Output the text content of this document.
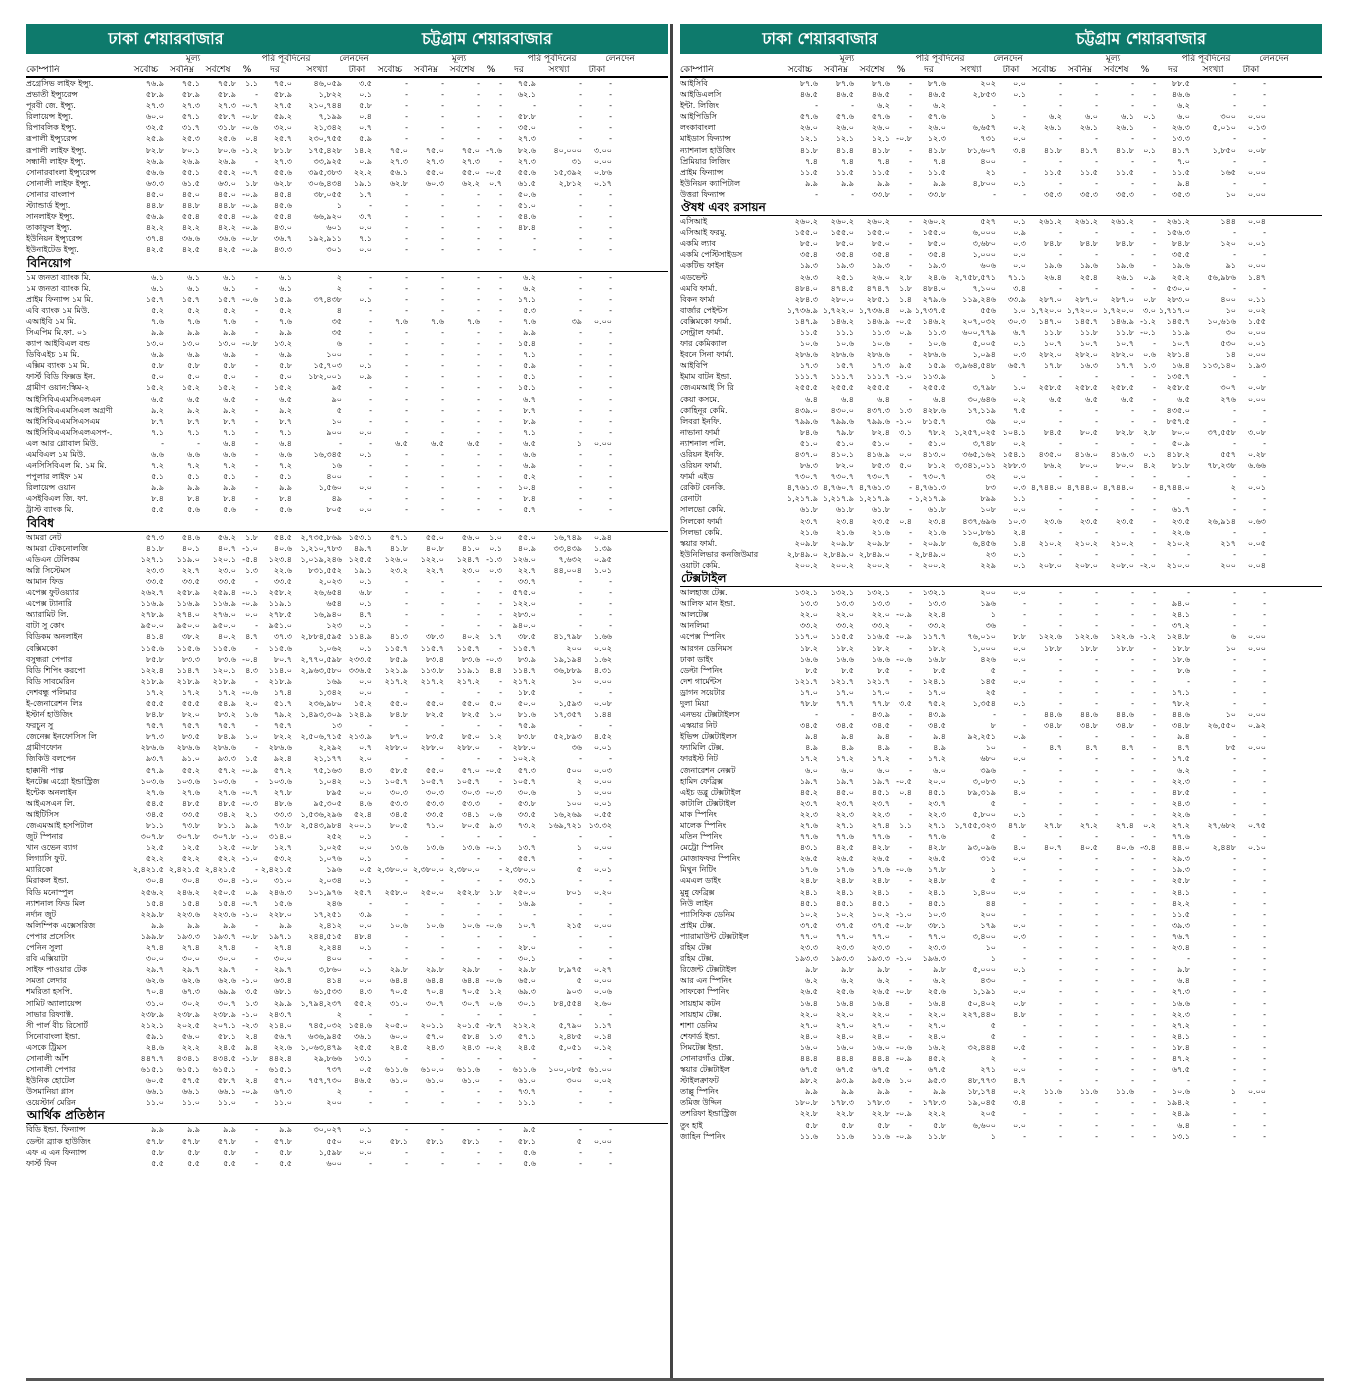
ঢাকা শেয়ারবাজার	চট্টগ্রাম শেয়ারবাজার
মূল্য	পরি পূর্বদিনের	লেনদেন	মূল্য	পরি পূর্বদিনের	লেনদেন
কোম্পানি	সর্বোচ্চ	সর্বনিম্ন	সর্বশেষ	%	দর	সংখ্যা	টাকা	সর্বোচ্চ	সর্বনিম্ন	সর্বশেষ	%	দর	সংখ্যা	টাকা
প্রগ্রেসিভ লাইফ ইন্স্যু.	৭৬.৯	৭৫.১	৭৫.৮	১.১	৭৫.০	৪৬,০৫৯	৩.৫	-	-	-	-	৭৫.৯	-	-
প্রভাতী ইন্স্যুরেন্স	৫৮.৯	৫৮.৯	৫৮.৯	-	৫৮.৯	১,৮২২	০.১	-	-	-	-	৬২.১	-	-
পূরবী জে. ইন্স্যু.	২৭.৩	২৭.৩	২৭.৩ -০.৭	২৭.৫	২১০,৭৪৪	৫.৮	-	-	-	-	-	-	-
রিলায়েন্স ইন্স্যু.	৬০.০	৫৭.১	৫৮.৭ -০.৮	৫৯.২	৭,১৯৯	০.৪	-	-	-	-	৫৮.৮	-	-
রিপাবলিক ইন্স্যু.	৩২.৫	৩১.৭	৩১.৮ -০.৬	৩২.০	২১,৩৪২	০.৭	-	-	-	-	৩৫.০	-	-
রূপালী ইন্স্যুরেন্স	২৫.৯	২৫.৩	২৫.৬	০.৪	২৫.৭	২৩০,৭৫৫	৫.৯	-	-	-	-	২৭.৩	-	-
রূপালী লাইফ ইন্স্যু.	৮২.৮	৮০.১	৮০.৬ -১.২	৮১.৮	১৭৫,৪২৮	১৪.২	৭৫.০	৭৫.০	৭৫.০ -৭.৬	৮২.৬	৪০,০০০	৩.০০
সন্ধানী লাইফ ইন্স্যু.	২৬.৯	২৬.৯	২৬.৯	-	২৭.৩	৩৩,৯২৫	০.৯	২৭.৩	২৭.৩	২৭.৩	-	২৭.৩	৩১	০.০০
সোনারবাংলা ইন্স্যুরেন্স	৫৬.৬	৫৫.১	৫৫.২ -০.৭	৫৫.৬	৩৯৫,৩৮৩	২২.২	৫৬.১	৫৫.০	৫৫.০ -০.৫	৫৫.৬	১৫,৩৯২	০.৮৬
সোনালী লাইফ ইন্স্যু.	৬৩.৩	৬১.৫	৬৩.০	১.৮	৬২.৮	৩০৬,৪৩৪	১৯.১	৬২.৮	৬০.৩	৬২.২	০.৭	৬১.৫	২,৮১২	০.১৭
সোনার বাংলাপ	৪৫.০	৪৫.০	৪৫.০ -০.৯	৪৫.৪	৩৮,০৫৫	১.৭	-	-	-	-	৫০.৬	-	-
স্ট্যান্ডার্ড ইন্স্যু.	৪৪.৮	৪৪.৮	৪৪.৮ -০.৯	৪৫.৬	১	-	-	-	-	-	৫১.০	-	-
সানলাইফ ইন্স্যু.	৫৬.৯	৫৫.৪	৫৫.৪ -০.৯	৫৫.৪	৬৬,৯২০	৩.৭	-	-	-	-	৫৪.৬	-	-
তাকাফুল ইন্স্যু.	৪২.২	৪২.২	৪২.২ -০.৯	৪৩.০	৬০১	০.০	-	-	-	-	৪৮.৪	-	-
ইউনিয়ন ইন্স্যুরেন্স	৩৭.৪	৩৬.৬	৩৬.৬ -০.৮	৩৬.৭	১৯২,৯১১	৭.১	-	-	-	-	-	-	-
ইউনাইটেড ইন্স্যু.	৪২.৫	৪২.৫	৪২.৫ -০.৯	৪৩.৩	৩০১	০.০	-	-	-	-	-	-	-
বিনিয়োগ
১ম জনতা ব্যাংক মি.	৬.১	৬.১	৬.১	-	৬.১	২	-	-	-	-	-	৬.২	-	-
১ম জনতা ব্যাংক মি.	৬.১	৬.১	৬.১	-	৬.১	২	-	-	-	-	-	৬.২	-	-
প্রাইম ফিন্যান্স ১ম মি.	১৫.৭	১৫.৭	১৫.৭ -০.৬	১৫.৯	৩৭,৪৩৮	০.১	-	-	-	-	১৭.১	-	-
এবি ব্যাংক ১ম মিউ.	৫.২	৫.২	৫.২	-	৫.২	৪	-	-	-	-	-	৫.৩	-	-
এআইবি ১ম মি.	৭.৬	৭.৬	৭.৬	-	৭.৬	৩৫	-	৭.৬	৭.৬	৭.৬	-	৭.৬	৩৯	০.০০
সিএপিম মি.ফা. ০১	৯.৯	৯.৯	৯.৯	-	৯.৯	৩৫	-	-	-	-	-	৯.৯	-	-
ক্যাপ আইবিএল বন্ড	১৩.০	১৩.০	১৩.০ -০.৮	১৩.২	৬	-	-	-	-	-	১৫.৪	-	-
ডিবিএইচ ১ম মি.	৬.৯	৬.৯	৬.৯	-	৬.৯	১০০	-	-	-	-	-	৭.১	-	-
এক্সিম ব্যাংক ১ম মি.	৫.৮	৫.৮	৫.৮	-	৫.৮	১৫,৭০৩	০.১	-	-	-	-	৫.৯	-	-
ফার্স্ট বিডি ফিক্সড ইন.	৫.০	৫.০	৫.০	-	৫.০	১৮২,০০১	০.৯	-	-	-	-	৫.১	-	-
গ্রামীণ ওয়ান:স্কিম-২	১৫.২	১৫.২	১৫.২	-	১৫.২	৯৫	-	-	-	-	-	১৫.১	-	-
আইসিবিএএমসিএলএন	৬.৫	৬.৫	৬.৫	-	৬.৫	৯০	-	-	-	-	-	৬.৭	-	-
আইসিবিএএমসিএল অগ্রণী	৯.২	৯.২	৯.২	-	৯.২	৫	-	-	-	-	-	৮.৭	-	-
আইসিবিএএমসিএসএম	৮.৭	৮.৭	৮.৭	-	৮.৭	১০	-	-	-	-	-	৮.৯	-	-
আইসিবিএএমসিএলএসপ-.	৭.১	৭.১	৭.১	-	৭.১	৯০০	০.০	-	-	-	-	৭.১	-	-
এল আর গ্লোবাল মিউ.	-	-	৬.৪	-	৬.৪	-	-	৬.৫	৬.৫	৬.৫	-	৬.৫	১	০.০০
এমবিএল ১ম মিউ.	৬.৬	৬.৬	৬.৬	-	৬.৬	১৬,৩৪৫	০.১	-	-	-	-	৬.৬	-	-
এনসিসিবিএল মি. ১ম মি.	৭.২	৭.২	৭.২	-	৭.২	১৬	-	-	-	-	-	৬.৯	-	-
পপুলার লাইফ ১ম	৫.১	৫.১	৫.১	-	৫.১	৪০০	-	-	-	-	-	৫.২	-	-
রিলায়েন্স ওয়ান	৯.৯	৯.৯	৯.৯	-	৯.৯	১,৫৬০	০.০	-	-	-	-	১০.৪	-	-
এসইবিএল জি. ফা.	৮.৪	৮.৪	৮.৪	-	৮.৪	৪৯	-	-	-	-	-	৮.৪	-	-
ট্রাস্ট ব্যাংক মি.	৫.৫	৫.৬	৫.৬	-	৫.৬	৮০৫	০.০	-	-	-	-	৫.৭	-	-
বিবিধ
আমরা নেট	৫৭.৩	৫৪.৬	৫৬.২	১.৮	৫৪.৫	২,৭৩৫,৮৬৯ ১৫৩.১	৫৭.১	৫৫.০	৫৬.০	১.০	৫৫.০	১৬,৭৪৯	০.৯৪
আমরা টেকনোলজি	৪১.৮	৪০.১	৪০.৭ -১.০	৪০.৬	১,২১০,৭৮৩	৪৯.৭	৪১.৮	৪০.৮	৪১.০	০.১	৪০.৯	৩৩,৪৩৯	১.৩৯
এডিএন টেলিকম	১২৭.১	১১৯.০	১২০.১ -৫.৪	১২৩.৪	১,০১৯,২৪৬ ১২৫.৫	১২৬.০	১২২.০	১২৪.৭ -১.৩	১২৬.০	৭,৬৩২	০.৯৫
অগ্নি সিস্টেমস	২৩.৩	২২.৭	২৩.০	১.৩	২২.৬	৮৩১,৫৫২	১৯.১	২৩.২	২২.৭	২৩.০	০.৩	২২.৭	৪৪,০০৪	১.০১
আমান ফিড	৩৩.৫	৩৩.৫	৩৩.৫	-	৩৩.৫	২,০২৩	০.১	-	-	-	-	৩৩.৭	-	-
এপেক্স ফুটওয়্যার	২৬২.৭	২৫৮.৯	২৫৯.৪ -০.১	২৫৮.২	২৬,৬৫৪	৬.৮	-	-	-	-	৫৭৫.০	-	-
এপেক্স ট্যানারি	১১৬.৯	১১৬.৯	১১৬.৯ -০.৯	১১৯.১	৬৫৪	০.১	-	-	-	-	১২২.০	-	-
অ্যারামিট লি.	২৭৮.৯	২৭৪.০	২৭৬.০	০.০	২৭৮.৫	১৬,৯৪০	৪.৭	-	-	-	-	২৮৩.০	-	-
বাটা সু কোং	৯৫০.০	৯৫০.০	৯৫০.০	-	৯৫১.০	১২৩	০.১	-	-	-	-	৯৪০.০	-	-
বিডিকম অনলাইন	৪১.৪	৩৮.২	৪০.২	৪.৭	৩৭.৩	২,৮৮৪,৫৯৫ ১১৪.৯	৪১.৩	৩৮.৩	৪০.২	১.৭	৩৮.৫	৪১,৭৯৮	১.৬৬
বেক্সিমকো	১১৫.৬	১১৫.৬	১১৫.৬	-	১১৫.৬	১,০৬২	০.১	১১৫.৭	১১৫.৭	১১৫.৭	-	১১৫.৭	২০০	০.০২
বসুন্ধরা পেপার	৮৫.৮	৮৩.৩	৮৩.৬ -০.৪	৮০.৭	২,৭৭০,৫৯৮ ২৩৩.৫	৮৫.৯	৮৩.৪	৮৩.৬ -০.৩	৮৩.৯	১৯,১৯৪	১.৬২
বিডি শিপিং করপো	১২২.৪	১১৪.৭	১২০.১	৪.৩	১১৪.০	২,৯৬৩,৫৮০ ৩৩৬.৫	১২১.৯	১১৩.৮	১১৯.১	৪.৪	১১৪.৭	৩৬,৮৮৯	৪.৩১
বিডি সাবমেরিন	২১৮.৯	২১৮.৯	২১৮.৯	-	২১৮.৯	১৬৯	০.০	২১৭.২	২১৭.২	২১৭.২	-	২১৭.২	১০	০.০০
দেশবন্ধু পলিমার	১৭.২	১৭.২	১৭.২ -০.৬	১৭.৪	১,৩৪২	০.০	-	-	-	-	১৮.৫	-	-
ই-জেনারেশন লিঃ	৫৫.৫	৫৫.৫	৫৪.৯	২.০	৫১.৭	২৩৬,৯৮০	১৫.২	৫৫.০	৫৫.০	৫৫.০	৫.০	৫০.০	১,৫৯৩	০.০৮
ইস্টার্ন হাউজিং	৮৪.৮	৮২.০	৮৩.২	১.৬	৭৯.২	১,৪৯৩,৩০৯ ১২৪.৯	৮৪.৮	৮২.৫	৮২.৫	১.০	৮১.৬	১৭,৩৫৭	১.৪৪
ফরচুন সু	৭৫.৭	৭৫.৭	৭৫.৭	-	৭৫.৭	১৩	-	-	-	-	-	৭৫.৯	-	-
জেনেক্স ইনফোসিস লি	৮৭.৩	৮৩.৫	৮৪.৯	১.০	৮২.২	২,৫০৬,৭১৫ ২১৩.৯	৮৭.০	৮৩.৫	৮৫.০	১.২	৮৩.৮	৫২,৮৯৩	৪.৫২
গ্রামীণফোন	২৮৬.৬	২৮৬.৬	২৮৬.৬	-	২৮৬.৬	২,২৯২	০.৭	২৮৮.০	২৮৮.০	২৮৮.০	-	২৮৮.০	৩৬	০.০১
জিকিউ বলপেন	৯৩.৭	৯১.০	৯৩.৩	১.৫	৯২.৪	২১,১৭৭	২.০	-	-	-	-	১০২.২	-	-
হাক্কানী পাল্প	৫৭.৯	৫৫.২	৫৭.২ -০.৯	৫৭.২	৭৫,১৬৩	৪.৩	৫৮.৫	৫৫.০	৫৭.০ -০.৫	৫৭.৩	৫০০	০.০৩
ইনটেক্স এগ্রো ইন্ডাস্ট্রিজ	১০৩.৬	১০৩.৬	১০৩.৬	-	১০৩.৬	১,০৪২	০.১	১০৫.৭	১০৫.৭	১০৫.৭	-	১০৫.৭	২	০.০০
ইন্টেক অনলাইন	২৭.৬	২৭.৬	২৭.৬ -০.৭	২৭.৮	৮৯৫	০.০	৩০.৩	৩০.৩	৩০.৩ -০.৩	৩০.৬	১	০.০০
আইএসএন লি.	৫৪.৫	৪৮.৫	৪৮.৫ -০.৩	৪৮.৬	৯৫,৩০৫	৪.৬	৫৩.৩	৫৩.৩	৫৩.৩	-	৫৩.৮	১০০	০.০১
আইটিসিস	৩৪.৫	৩৩.৫	৩৪.২	২.১	৩৩.৩	১,৫৩৬,২৯৬	৫২.৪	৩৪.৫	৩৩.৫	৩৪.১	০.৬	৩৩.৫	১৬,২৬৯	০.৫৫
জেএমআই হসপিটাল	৮১.১	৭৩.৮	৮১.১	৯.৯	৭৩.৮	২,৫৪৩,৯৮৪ ২০০.১	৮০.৫	৭১.০	৮০.৫	৯.৩	৭৩.২	১৬৯,৭২১ ১৩.৩২
জুট স্পিনার	৩০৭.৮	৩০৭.৮	৩০৭.৮ -১.০	৩১৪.০	২৫২	০.১	-	-	-	-	-	-	-
খান ওভেন ব্যাগ	১২.৫	১২.৫	১২.৫ -০.৮	১২.৭	১,০২৫	০.০	১৩.৬	১৩.৬	১৩.৬ -০.১	১৩.৭	১	০.০০
লিগ্যাসি ফুট.	৫২.২	৫২.২	৫২.২ -১.০	৫৩.২	১,০৭৬	০.১	-	-	-	-	৫৫.৭	-	-
ম্যারিকো	২,৪২১.৫ ২,৪২১.৫ ২,৪২১.৫	- ২,৪২১.৫	১৯৬	০.৫ ২,৩৮০.০ ২,৩৮০.০ ২,৩৮০.০	- ২,৩৮০.০	৫	০.০১
মিরাকল ইন্ডা.	৩০.৪	৩০.৪	৩০.৪ -১.০	৩১.০	২,০৩৪	০.১	-	-	-	-	৩৩.১	-	-
বিডি মনোস্পুল	২৫৬.২	২৪৬.২	২৫০.৫	০.৯	২৪৬.৩	১০১,৯৭৬	২৫.৭	২৫৮.০	২৫০.০	২৫২.৮	১.৮	২৫০.০	৮০১	০.২০
ন্যাশনাল ফিড মিল	১৫.৪	১৫.৪	১৫.৪ -০.৭	১৫.৬	২৪৬	-	-	-	-	-	১৬.৯	-	-
নর্দান জুট	২২৯.৮	২২৩.৬	২২৩.৬ -১.০	২২৮.০	১৭,২৫১	৩.৯	-	-	-	-	-	-	-
অলিম্পিক এক্সেসরিজ	৯.৯	৯.৯	৯.৯	-	৯.৯	২,৪১২	০.০	১০.৬	১০.৬	১০.৬ -০.৬	১০.৭	২১৫	০.০০
পেপার প্রসেসিং	১৯৯.৮	১৯৩.৩	১৯৩.৭ -০.৮	১৯৭.১	২৪৪,৫১৫	৪৮.৪	-	-	-	-	-	-	-
পেনিন সুলা	২৭.৪	২৭.৪	২৭.৪	-	২৭.৪	২,২৪৪	০.১	-	-	-	-	২৮.০	-	-
রবি এক্সিয়াটা	৩০.০	৩০.০	৩০.০	-	৩০.০	৪০০	-	-	-	-	-	৩০.১	-	-
সাইফ পাওয়ার টেক	২৯.৭	২৯.৭	২৯.৭	-	২৯.৭	৩,৮৬০	০.১	২৯.৮	২৯.৮	২৯.৮	-	২৯.৮	৮,৯৭৫	০.২৭
সমতা লেদার	৬২.৬	৬২.৬	৬২.৬ -১.০	৬৩.৪	৪১৪	০.০	৬৪.৪	৬৪.৪	৬৪.৪ -০.৬	৬৫.০	৫	০.০০
শমরিতা হসপি.	৭০.৪	৬৭.৩	৬৯.৯	৩.৫	৬৮.১	৬১,৫৩৩	৪.৩	৭০.৫	৭০.৪	৭০.৫	১.২	৬৯.৩	৯০৩	০.০৬
সামিট অ্যালায়েন্স	৩১.০	৩০.২	৩০.৭	১.৩	২৯.৯	১,৭৯৪,২৩৭	৫৫.২	৩১.০	৩০.৭	৩০.৭	০.৬	৩০.১	৮৪,৫৫৪	২.৬০
সাভার রিফ্যাক্ট.	২৩৮.৯	২৩৮.৯	২৩৮.৯ -১.০	২৪৩.৭	২	-	-	-	-	-	-	-	-
সী পার্ল বীচ রিসোর্ট	২১২.১	২০২.৫	২০৭.১ -২.৩	২১৪.০	৭৪৫,০৩২ ১৫৪.৬	২০৫.০	২০১.১	২০১.৫ -৮.৭	২১২.২	৫,৭৯০	১.১৭
সিনোবাংলা ইন্ডা.	৫৯.১	৫৬.০	৫৮.১	২.৪	৫৬.৭	৬৩৬,৯৪৫	৩৬.১	৬০.০	৫৭.০	৫৮.৪	১.৩	৫৭.১	২,৪৮৫	০.১৪
এসকে ট্রিমস	২৪.৬	২২.২	২৪.৫	৯.৪	২২.৬	১,০৬৩,৪৭৯	২৫.৫	২৪.৫	২৪.৩	২৪.৩ -০.২	২৪.৫	৫,০৫১	০.১২
সোনালী আঁশ	৪৪৭.৭	৪৩৪.১	৪৩৪.৫ -১.৮	৪৪২.৪	২৯,৮৬৬	১৩.১	-	-	-	-	-	-	-
সোনালী পেপার	৬১৫.১	৬১৫.১	৬১৫.১	-	৬১৫.১	৭৩৭	০.৫	৬১১.৬	৬১০.০	৬১১.৬	-	৬১১.৬	১০০,০৮৫ ৬১.০০
ইউনিক হোটেল	৬০.৫	৫৭.৫	৫৮.৭	২.৪	৫৭.০	৭৫৭,৭৩০	৪৬.৫	৬১.০	৬১.০	৬১.০	-	৬১.০	৩০০	০.০২
উসমানিয়া গ্লাস	৬৬.১	৬৬.১	৬৬.১ -০.৯	৬৭.৩	২	-	-	-	-	-	৭৩.৭	-	-
ওয়েস্টার্ন মেরিন	১১.০	১১.০	১১.০	-	১১.০	২০০	-	-	-	-	-	১১.১	-	-
আর্থিক প্রতিষ্ঠান
বিডি ইন্ডা. ফিন্যান্স	৯.৯	৯.৯	৯.৯	-	৯.৯	৩০,০২৭	০.১	-	-	-	-	৯.৫	-	-
ডেল্টা ব্র্যাক হাউজিং	৫৭.৮	৫৭.৮	৫৭.৮	-	৫৭.৮	৫৫০	০.০	৫৮.১	৫৮.১	৫৮.১	-	৫৮.১	৫	০.০০
এফ এ এন ফিন্যান্স	৫.৮	৫.৮	৫.৮	-	৫.৮	১,৫৯৮	০.০	-	-	-	-	৫.৬	-	-
ফার্স্ট ফিন	৫.৫	৫.৫	৫.৫	-	৫.৫	৬০০	-	-	-	-	-	৫.৬	-	-
ঢাকা শেয়ারবাজার	চট্টগ্রাম শেয়ারবাজার
মূল্য	পরি পূর্বদিনের	লেনদেন	মূল্য	পরি পূর্বদিনের	লেনদেন
কোম্পানি	সর্বোচ্চ	সর্বনিম্ন	সর্বশেষ	%	দর	সংখ্যা	টাকা	সর্বোচ্চ	সর্বনিম্ন	সর্বশেষ	%	দর	সংখ্যা	টাকা
আইসিবি	৮৭.৬	৮৭.৬	৮৭.৬	-	৮৭.৬	২০২	০.০	-	-	-	-	৮৮.৫	-	-
আইডিএলসি	৪৬.৫	৪৬.৫	৪৬.৫	-	৪৬.৫	২,৮৫৩	০.১	-	-	-	-	৪৬.৬	-	-
ইন্টা. লিজিং	-	-	৬.২	-	৬.২	-	-	-	-	-	-	৬.২	-	-
আইপিডিসি	৫৭.৬	৫৭.৬	৫৭.৬	-	৫৭.৬	১	-	৬.২	৬.০	৬.১	০.১	৬.০	৩০০	০.০০
লংকাবাংলা	২৬.০	২৬.০	২৬.০	-	২৬.০	৬,৬৫৭	০.২	২৬.১	২৬.১	২৬.১	-	২৬.৩	৫,০১০	০.১৩
মাইডাস ফিন্যান্স	১২.১	১২.১	১২.১ -০.৮	১২.৩	৭৩১	০.০	-	-	-	-	১৩.৩	-	-
ন্যাশনাল হাউজিং	৪১.৮	৪১.৪	৪১.৮	-	৪১.৮	৮১,৬০৭	৩.৪	৪১.৮	৪১.৭	৪১.৮	০.১	৪১.৭	১,৮৫০	০.০৮
প্রিমিয়ার লিজিং	৭.৪	৭.৪	৭.৪	-	৭.৪	৪০০	-	-	-	-	-	৭.০	-	-
প্রাইম ফিন্যান্স	১১.৫	১১.৫	১১.৫	-	১১.৫	২১	-	১১.৫	১১.৫	১১.৫	-	১১.৫	১৬৫	০.০০
ইউনিয়ন ক্যাপিটাল	৯.৯	৯.৯	৯.৯	-	৯.৯	৪,৮০০	০.১	-	-	-	-	৯.৪	-	-
উত্তরা ফিন্যান্স	-	-	৩৩.৮	-	৩৩.৮	-	-	৩৫.৩	৩৫.৩	৩৫.৩	-	৩৫.৩	১০	০.০০
ঔষধ এবং রসায়ন
এসিআই	২৬০.২	২৬০.২	২৬০.২	-	২৬০.২	৫২৭	০.১	২৬১.২	২৬১.২	২৬১.২	-	২৬১.২	১৪৪	০.০৪
এসিআই ফরমু.	১৫৫.০	১৫৫.০	১৫৫.০	-	১৫৫.০	৬,০০০	০.৯	-	-	-	-	১৫৬.৩	-	-
একমি ল্যাব	৮৫.০	৮৫.০	৮৫.০	-	৮৫.০	৩,৬৮০	০.৩	৮৪.৮	৮৪.৮	৮৪.৮	-	৮৪.৮	১২০	০.০১
একমি পেস্টিসাইডস	৩৫.৪	৩৫.৪	৩৫.৪	-	৩৫.৪	১,০০০	০.০	-	-	-	-	৩৫.৫	-	-
একটিভ ফাইন	১৯.৩	১৯.৩	১৯.৩	-	১৯.৩	৬০৬	০.০	১৯.৬	১৯.৬	১৯.৬	-	১৯.৬	৯১	০.০০
এডভেন্ট	২৬.৩	২৫.১	২৬.০	২.৮	২৪.৬	২,৭৫৮,৫৭১	৭১.১	২৬.৪	২৫.৪	২৬.১	০.৯	২৫.২	৫৬,৯৮৬	১.৪৭
এমবি ফার্মা.	৪৮৪.০	৪৭৪.৫	৪৭৪.৭	১.৮	৪৮৪.০	৭,১০০	৩.৪	-	-	-	-	৫৩০.০	-	-
বিকন ফার্মা	২৮৪.৩	২৮০.০	২৮৫.১	১.৪	২৭৯.৬	১১৯,২৪৬	৩৩.৯	২৮৭.০	২৮৭.০	২৮৭.০	০.৮	২৮৩.০	৪০০	০.১১
বার্জার পেইন্টস	১,৭৩৬.৯ ১,৭২২.০ ১,৭৩৬.৪	০.৯ ১,৭৩৭.৫	৫৫৬	১.০ ১,৭২০.০ ১,৭২০.০ ১,৭২০.০	৩.০ ১,৭১৭.০	১০	০.০২
বেক্সিমকো ফার্মা.	১৪৭.৯	১৪৬.২	১৪৬.৯ -০.৫	১৪৬.২	২০৭,০৩২	৩০.৩	১৪৭.০	১৪৫.৭	১৪৬.৯ -১.২	১৪৫.৭	১০,৬১৬	১.৫৫
সেন্ট্রাল ফার্মা.	১১.৫	১১.১	১১.৩	০.৯	১১.৩	৬০০,৭৭৯	৬.৭	১১.৮	১১.৮	১১.৮ -০.১	১১.৯	৩০	০.০০
ফার কেমিক্যাল	১০.৬	১০.৬	১০.৬	-	১০.৬	৫,০০৫	০.১	১০.৭	১০.৭	১০.৭	-	১০.৭	৫৩০	০.০১
ইবনে সিনা ফার্মা.	২৮৬.৬	২৮৬.৬	২৮৬.৬	-	২৮৬.৬	১,০৯৪	০.৩	২৮২.০	২৮২.০	২৮২.০	০.৬	২৮১.৪	১৪	০.০০
আইবিপি	১৭.৩	১৫.৭	১৭.৩	৯.৫	১৫.৯	৩,৯৬৪,৫৪৮	৬৫.৭	১৭.৮	১৬.৩	১৭.৭	১.৩	১৬.৪	১১৩,১৪০	১.৯৩
ইমাম বাটন ইন্ডা.	১১১.৭	১১১.৭	১১১.৭ -১.০	১১৩.৯	১	-	-	-	-	-	১৩৫.৭	-	-
জেএমআই সি রি	২৫৫.৫	২৫৫.৫	২৫৫.৫	-	২৫৫.৫	৩,৭৯৮	১.০	২৫৮.৫	২৫৮.৫	২৫৮.৫	-	২৫৮.৫	৩০৭	০.০৮
কেয়া কসমে.	৬.৪	৬.৪	৬.৪	-	৬.৪	৩০,৬৪৬	০.২	৬.৫	৬.৫	৬.৫	-	৬.৫	২৭৬	০.০০
কোহিনূর কেমি.	৪৩৯.০	৪৩০.০	৪৩৭.৩	১.৩	৪২৮.৬	১৭,১১৯	৭.৫	-	-	-	-	৪৩৫.০	-	-
লিবরা ইনফি.	৭৯৯.৬	৭৯৯.৬	৭৯৯.৬ -১.০	৮১৫.৭	৩৯	০.০	-	-	-	-	৮৫৭.৫	-	-
নাভানা ফার্মা	৮৪.৬	৭৯.৮	৮২.৪	৩.১	৭৮.২	১,২৫৭,০২৫ ১০৪.১	৮৪.৫	৮০.৫	৮২.৮	২.৮	৮০.০	৩৭,৫৫৮	৩.০৮
ন্যাশনাল পলি.	৫১.০	৫১.০	৫১.০	-	৫১.০	৩,৭৪৮	০.২	-	-	-	-	৫০.৯	-	-
ওরিয়ন ইনফি.	৪৩৭.০	৪১০.১	৪১৬.৯	০.০	৪১৩.০	৩৬৫,১৬২ ১৫৪.১	৪৩৫.০	৪১৬.০	৪১৬.৩	০.১	৪১৮.২	৫৫৭	০.২৮
ওরিয়ন ফার্মা.	৮৬.৩	৮২.০	৮৫.৩	৫.০	৮১.২	৩,৩৪১,০১১ ২৮৮.৩	৮৬.২	৮০.০	৮০.০	৪.২	৮১.৮	৭৮,২৩৮	৬.৬৬
ফার্মা এইড	৭৩০.৭	৭৩০.৭	৭৩০.৭	-	৭৩০.৭	৩২	০.০	-	-	-	-	-	-	-
রেকিট বেনকি.	৪,৭৬১.৩ ৪,৭৬০.৭ ৪,৭৬১.৩	- ৪,৭৬১.৩	৮৩	০.৩ ৪,৭৪৪.০ ৪,৭৪৪.০ ৪,৭৪৪.০	- ৪,৭৪৪.০	২	০.০১
রেনাটা	১,২১৭.৯ ১,২১৭.৯ ১,২১৭.৯	- ১,২১৭.৯	৮৯৯	১.১	-	-	-	-	-	-	-
সালভো কেমি.	৬১.৮	৬১.৮	৬১.৮	-	৬১.৮	১০৮	০.০	-	-	-	-	৬১.৭	-	-
সিলকো ফার্মা	২৩.৭	২৩.৪	২৩.৫	০.৪	২৩.৪	৪৩৭,৬৯৬	১০.৩	২৩.৬	২৩.৫	২৩.৫	-	২৩.৫	২৬,৯১৪	০.৬৩
সিলভা কেমি.	২১.৬	২১.৬	২১.৬	-	২১.৬	১১০,৮৬১	২.৪	-	-	-	-	২২.৬	-	-
স্কয়ার ফার্মা.	২০৯.৮	২০৯.৮	২০৯.৮	-	২০৯.৮	৬,৪৫৬	১.৪	২১০.২	২১০.২	২১০.২	-	২১০.২	২১৭	০.০৫
ইউনিলিভার কনজিউমার	২,৮৪৯.০ ২,৮৪৯.০ ২,৮৪৯.০	- ২,৮৪৯.০	২৩	০.১	-	-	-	-	-	-	-
ওয়াটা কেমি.	২০০.২	২০০.২	২০০.২	-	২০০.২	২২৯	০.১	২০৮.০	২০৮.০	২০৮.০ -২.০	২১০.০	২০০	০.০৪
টেক্সটাইল
আলহাজ টেক্স.	১৩২.১	১৩২.১	১৩২.১	-	১৩২.১	২০০	০.০	-	-	-	-	-	-	-
আলিফ মান ইন্ডা.	১৩.৩	১৩.৩	১৩.৩	-	১৩.৩	১৯৬	-	-	-	-	-	৯৪.০	-	-
আলটেক্স	২২.০	২২.০	২২.০ -০.৯	২২.৪	১	-	-	-	-	-	২৪.১	-	-
আনলিমা	৩৩.২	৩৩.২	৩৩.২	-	৩৩.২	৩৬	-	-	-	-	-	৩৭.২	-	-
এপেক্স স্পিনিং	১১৭.০	১১৫.৫	১১৬.৫ -০.৯	১১৭.৭	৭৬,০১০	৮.৮	১২২.৬	১২২.৬	১২২.৬ -১.২	১২৪.৮	৬	০.০০
আরগন ডেনিমস	১৮.২	১৮.২	১৮.২	-	১৮.২	১,০০০	০.০	১৮.৮	১৮.৮	১৮.৮	-	১৮.৮	১০	০.০০
ঢাকা ডাইং	১৬.৬	১৬.৬	১৬.৬ -০.৬	১৬.৮	৪২৬	০.০	-	-	-	-	১৮.৬	-	-
ডেল্টা স্পিনিং	৮.৫	৮.৫	৮.৫	-	৮.৫	৫	-	-	-	-	-	৮.৬	-	-
দেশ গার্মেন্টস	১২১.৭	১২১.৭	১২১.৭	-	১২৪.১	১৪৫	০.০	-	-	-	-	-	-	-
ড্রাগন সয়েটার	১৭.০	১৭.০	১৭.০	-	১৭.০	২৫	-	-	-	-	-	১৭.১	-	-
দুলা মিয়া	৭৮.৮	৭৭.৭	৭৭.৮	৩.৫	৭৫.২	১,৩৫৪	০.১	-	-	-	-	৭৮.২	-	-
এনভয় টেক্সটাইলস	-	-	৪৩.৯	-	৪৩.৯	-	-	৪৪.৬	৪৪.৬	৪৪.৬	-	৪৪.৬	১০	০.০০
এস্কয়ার নিট	৩৪.৫	৩৪.৫	৩৪.৫	-	৩৪.৫	৮	-	৩৪.৮	৩৪.৮	৩৪.৮	-	৩৪.৮	২৬,৫৫০	০.৯২
ইভিন্স টেক্সটাইলস	৯.৪	৯.৪	৯.৪	-	৯.৪	৯২,২৫১	০.৯	-	-	-	-	৯.৪	-	-
ফ্যামিলি টেক্স.	৪.৯	৪.৯	৪.৯	-	৪.৯	১০	-	৪.৭	৪.৭	৪.৭	-	৪.৭	৮৫	০.০০
ফারইস্ট নিট	১৭.২	১৭.২	১৭.২	-	১৭.২	৬৮০	০.০	-	-	-	-	১৭.৫	-	-
জেনারেশন নেক্সট	৬.০	৬.০	৬.০	-	৬.০	৩৯৬	-	-	-	-	-	৬.২	-	-
হামিদ ফেব্রিক্স	১৯.৭	১৯.৭	১৯.৭ -০.৫	২০.০	৩,০৮৩	০.১	-	-	-	-	২২.৩	-	-
এইচ ডব্লু টেক্সটাইল	৪৫.২	৪৫.০	৪৫.১	০.৪	৪৫.১	৮৯,৩১৯	৪.০	-	-	-	-	৪৮.৫	-	-
কাটালি টেক্সটাইল	২৩.৭	২৩.৭	২৩.৭	-	২৩.৭	৫	-	-	-	-	-	২৪.৩	-	-
মাক স্পিনিং	২২.৩	২২.৩	২২.৩	-	২২.৩	৫,৮০০	০.১	-	-	-	-	২২.৬	-	-
মালেক স্পিনিং	২৭.৬	২৭.১	২৭.৪	১.১	২৭.১	১,৭৫৫,৩২৩	৪৭.৮	২৭.৮	২৭.২	২৭.৪	০.২	২৭.২	২৭,৬৮২	০.৭৫
মতিন স্পিনিং	৭৭.৬	৭৭.৬	৭৭.৬	-	৭৭.৬	৫	-	-	-	-	-	৭৭.৬	-	-
মেট্রো স্পিনিং	৪৩.১	৪২.৫	৪২.৮	-	৪২.৮	৯৩,০৯৬	৪.০	৪০.৭	৪০.৫	৪০.৬ -৩.৪	৪৪.০	২,৪৪৮	০.১০
মোজাফফর স্পিনিং	২৬.৫	২৬.৫	২৬.৫	-	২৬.৫	৩১৫	০.০	-	-	-	-	২৯.৩	-	-
মিথুন নিটিং	১৭.৬	১৭.৬	১৭.৬ -০.৬	১৭.৮	১	-	-	-	-	-	১৯.৩	-	-
এমএল ডাইং	২৪.৮	২৪.৮	২৪.৮	-	২৪.৮	৫	-	-	-	-	-	২৫.৮	-	-
মুন্নু ফেব্রিক্স	২৪.১	২৪.১	২৪.১	-	২৪.১	১,৪০০	০.০	-	-	-	-	২৪.১	-	-
নিউ লাইন	৪৫.১	৪৫.১	৪৫.১	-	৪৫.১	৪৪	-	-	-	-	-	৪২.২	-	-
প্যাসিফিক ডেনিম	১০.২	১০.২	১০.২ -১.০	১০.৩	২০০	-	-	-	-	-	১১.৫	-	-
প্রাইম টেক্স.	৩৭.৫	৩৭.৫	৩৭.৫ -০.৮	৩৮.১	১৭৯	০.০	-	-	-	-	৩৯.৩	-	-
প্যারামাউন্ট টেক্সটাইল	৭৭.০	৭৭.০	৭৭.০	-	৭৭.০	৩,৪০০	০.৩	-	-	-	-	৭৬.৭	-	-
রহিম টেক্স	২৩.৩	২৩.৩	২৩.৩	-	২৩.৩	১০	-	-	-	-	-	২৩.৪	-	-
রহিম টেক্স.	১৯৩.৩	১৯৩.৩	১৯৩.৩ -১.০	১৯৬.৩	১	-	-	-	-	-	-	-	-
রিজেন্ট টেক্সটাইল	৯.৮	৯.৮	৯.৮	-	৯.৮	৫,০০০	০.১	-	-	-	-	৯.৮	-	-
আর এন স্পিনিং	৬.২	৬.২	৬.২	-	৬.২	৪৩০	-	-	-	-	-	৬.৪	-	-
সাফকো স্পিনিং	২৬.৫	২৫.৬	২৬.৫ -০.৮	২৫.৬	১,১৯১	০.০	-	-	-	-	২৭.৩	-	-
সায়হাম কটন	১৬.৪	১৬.৪	১৬.৪	-	১৬.৪	৫০,৪০২	০.৮	-	-	-	-	১৬.৬	-	-
সায়হাম টেক্স.	২২.০	২২.০	২২.০	-	২২.০	২২৭,৪৪০	৪.৮	-	-	-	-	২২.৩	-	-
শাশা ডেনিম	২৭.০	২৭.০	২৭.০	-	২৭.০	৫	-	-	-	-	-	২৭.২	-	-
শেফার্ড ইন্ডা.	২৪.০	২৪.০	২৪.০	-	২৪.০	৫	-	-	-	-	-	২৪.১	-	-
সিমটেক্স ইন্ডা.	১৬.০	১৬.০	১৬.০ -০.৬	১৬.২	৩২,৪৪৪	০.৫	-	-	-	-	১৮.৪	-	-
সোনারগাঁও টেক্স.	৪৪.৪	৪৪.৪	৪৪.৪ -০.৯	৪৫.২	২	-	-	-	-	-	৪৭.২	-	-
স্কয়ার টেক্সটাইল	৬৭.৫	৬৭.৫	৬৭.৫	-	৬৭.৫	২৭১	০.০	-	-	-	-	৬৭.৫	-	-
স্টাইলক্রাফট	৯৮.২	৯৩.৯	৯৫.৬	১.০	৯৫.৩	৪৮,৭৭৩	৪.৭	-	-	-	-	-	-	-
তাল্লু স্পিনিং	৯.৯	৯.৯	৯.৯	-	৯.৯	১৮,১৭৪	০.২	১১.৬	১১.৬	১১.৬	-	১০.৬	১	০.০০
তমিজ উদ্দিন	১৮০.৮	১৭৮.৩	১৭৮.৩	-	১৭৮.৩	১৯,০৪৫	৩.৪	-	-	-	-	১৯৪.২	-	-
তশরিফা ইন্ডাস্ট্রিজ	২২.৮	২২.৮	২২.৮ -০.৯	২২.২	২০৫	-	-	-	-	-	২৪.৯	-	-
তুং হাই	৫.৮	৫.৮	৫.৮	-	৫.৮	৬,৬০০	০.০	-	-	-	-	৬.৪	-	-
জাহিন স্পিনিং	১১.৬	১১.৬	১১.৬ -০.৯	১১.৮	১	-	-	-	-	-	১৩.১	-	-
